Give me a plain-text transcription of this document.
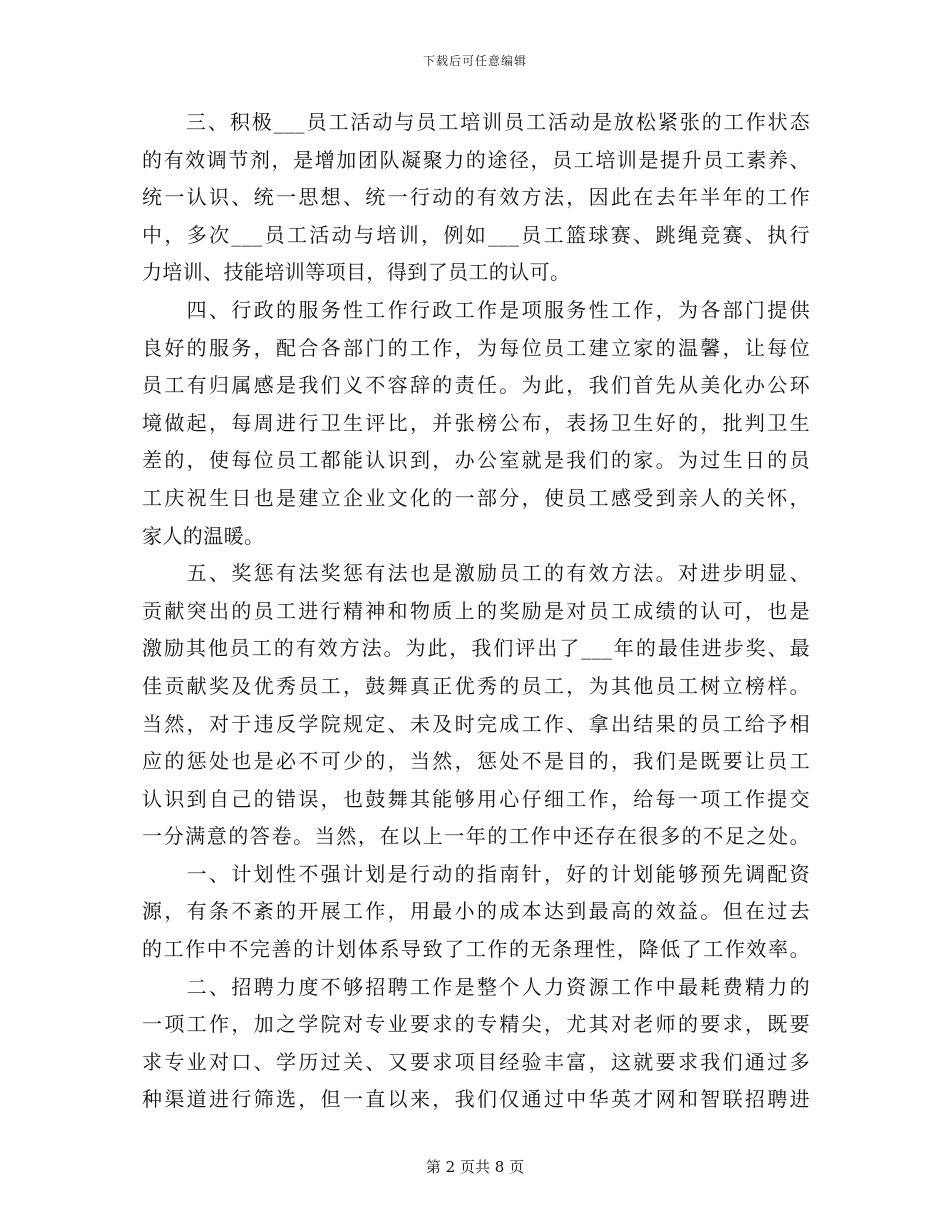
下载后可任意编辑
　　三、积极___员工活动与员工培训员工活动是放松紧张的工作状态
的有效调节剂，是增加团队凝聚力的途径，员工培训是提升员工素养、
统一认识、统一思想、统一行动的有效方法，因此在去年半年的工作
中，多次___员工活动与培训，例如___员工篮球赛、跳绳竞赛、执行
力培训、技能培训等项目，得到了员工的认可。
　　四、行政的服务性工作行政工作是项服务性工作，为各部门提供
良好的服务，配合各部门的工作，为每位员工建立家的温馨，让每位
员工有归属感是我们义不容辞的责任。为此，我们首先从美化办公环
境做起，每周进行卫生评比，并张榜公布，表扬卫生好的，批判卫生
差的，使每位员工都能认识到，办公室就是我们的家。为过生日的员
工庆祝生日也是建立企业文化的一部分，使员工感受到亲人的关怀，
家人的温暖。
　　五、奖惩有法奖惩有法也是激励员工的有效方法。对进步明显、
贡献突出的员工进行精神和物质上的奖励是对员工成绩的认可，也是
激励其他员工的有效方法。为此，我们评出了___年的最佳进步奖、最
佳贡献奖及优秀员工，鼓舞真正优秀的员工，为其他员工树立榜样。
当然，对于违反学院规定、未及时完成工作、拿出结果的员工给予相
应的惩处也是必不可少的，当然，惩处不是目的，我们是既要让员工
认识到自己的错误，也鼓舞其能够用心仔细工作，给每一项工作提交
一分满意的答卷。当然，在以上一年的工作中还存在很多的不足之处。
　　一、计划性不强计划是行动的指南针，好的计划能够预先调配资
源，有条不紊的开展工作，用最小的成本达到最高的效益。但在过去
的工作中不完善的计划体系导致了工作的无条理性，降低了工作效率。
　　二、招聘力度不够招聘工作是整个人力资源工作中最耗费精力的
一项工作，加之学院对专业要求的专精尖，尤其对老师的要求，既要
求专业对口、学历过关、又要求项目经验丰富，这就要求我们通过多
种渠道进行筛选，但一直以来，我们仅通过中华英才网和智联招聘进
第 2 页共 8 页
